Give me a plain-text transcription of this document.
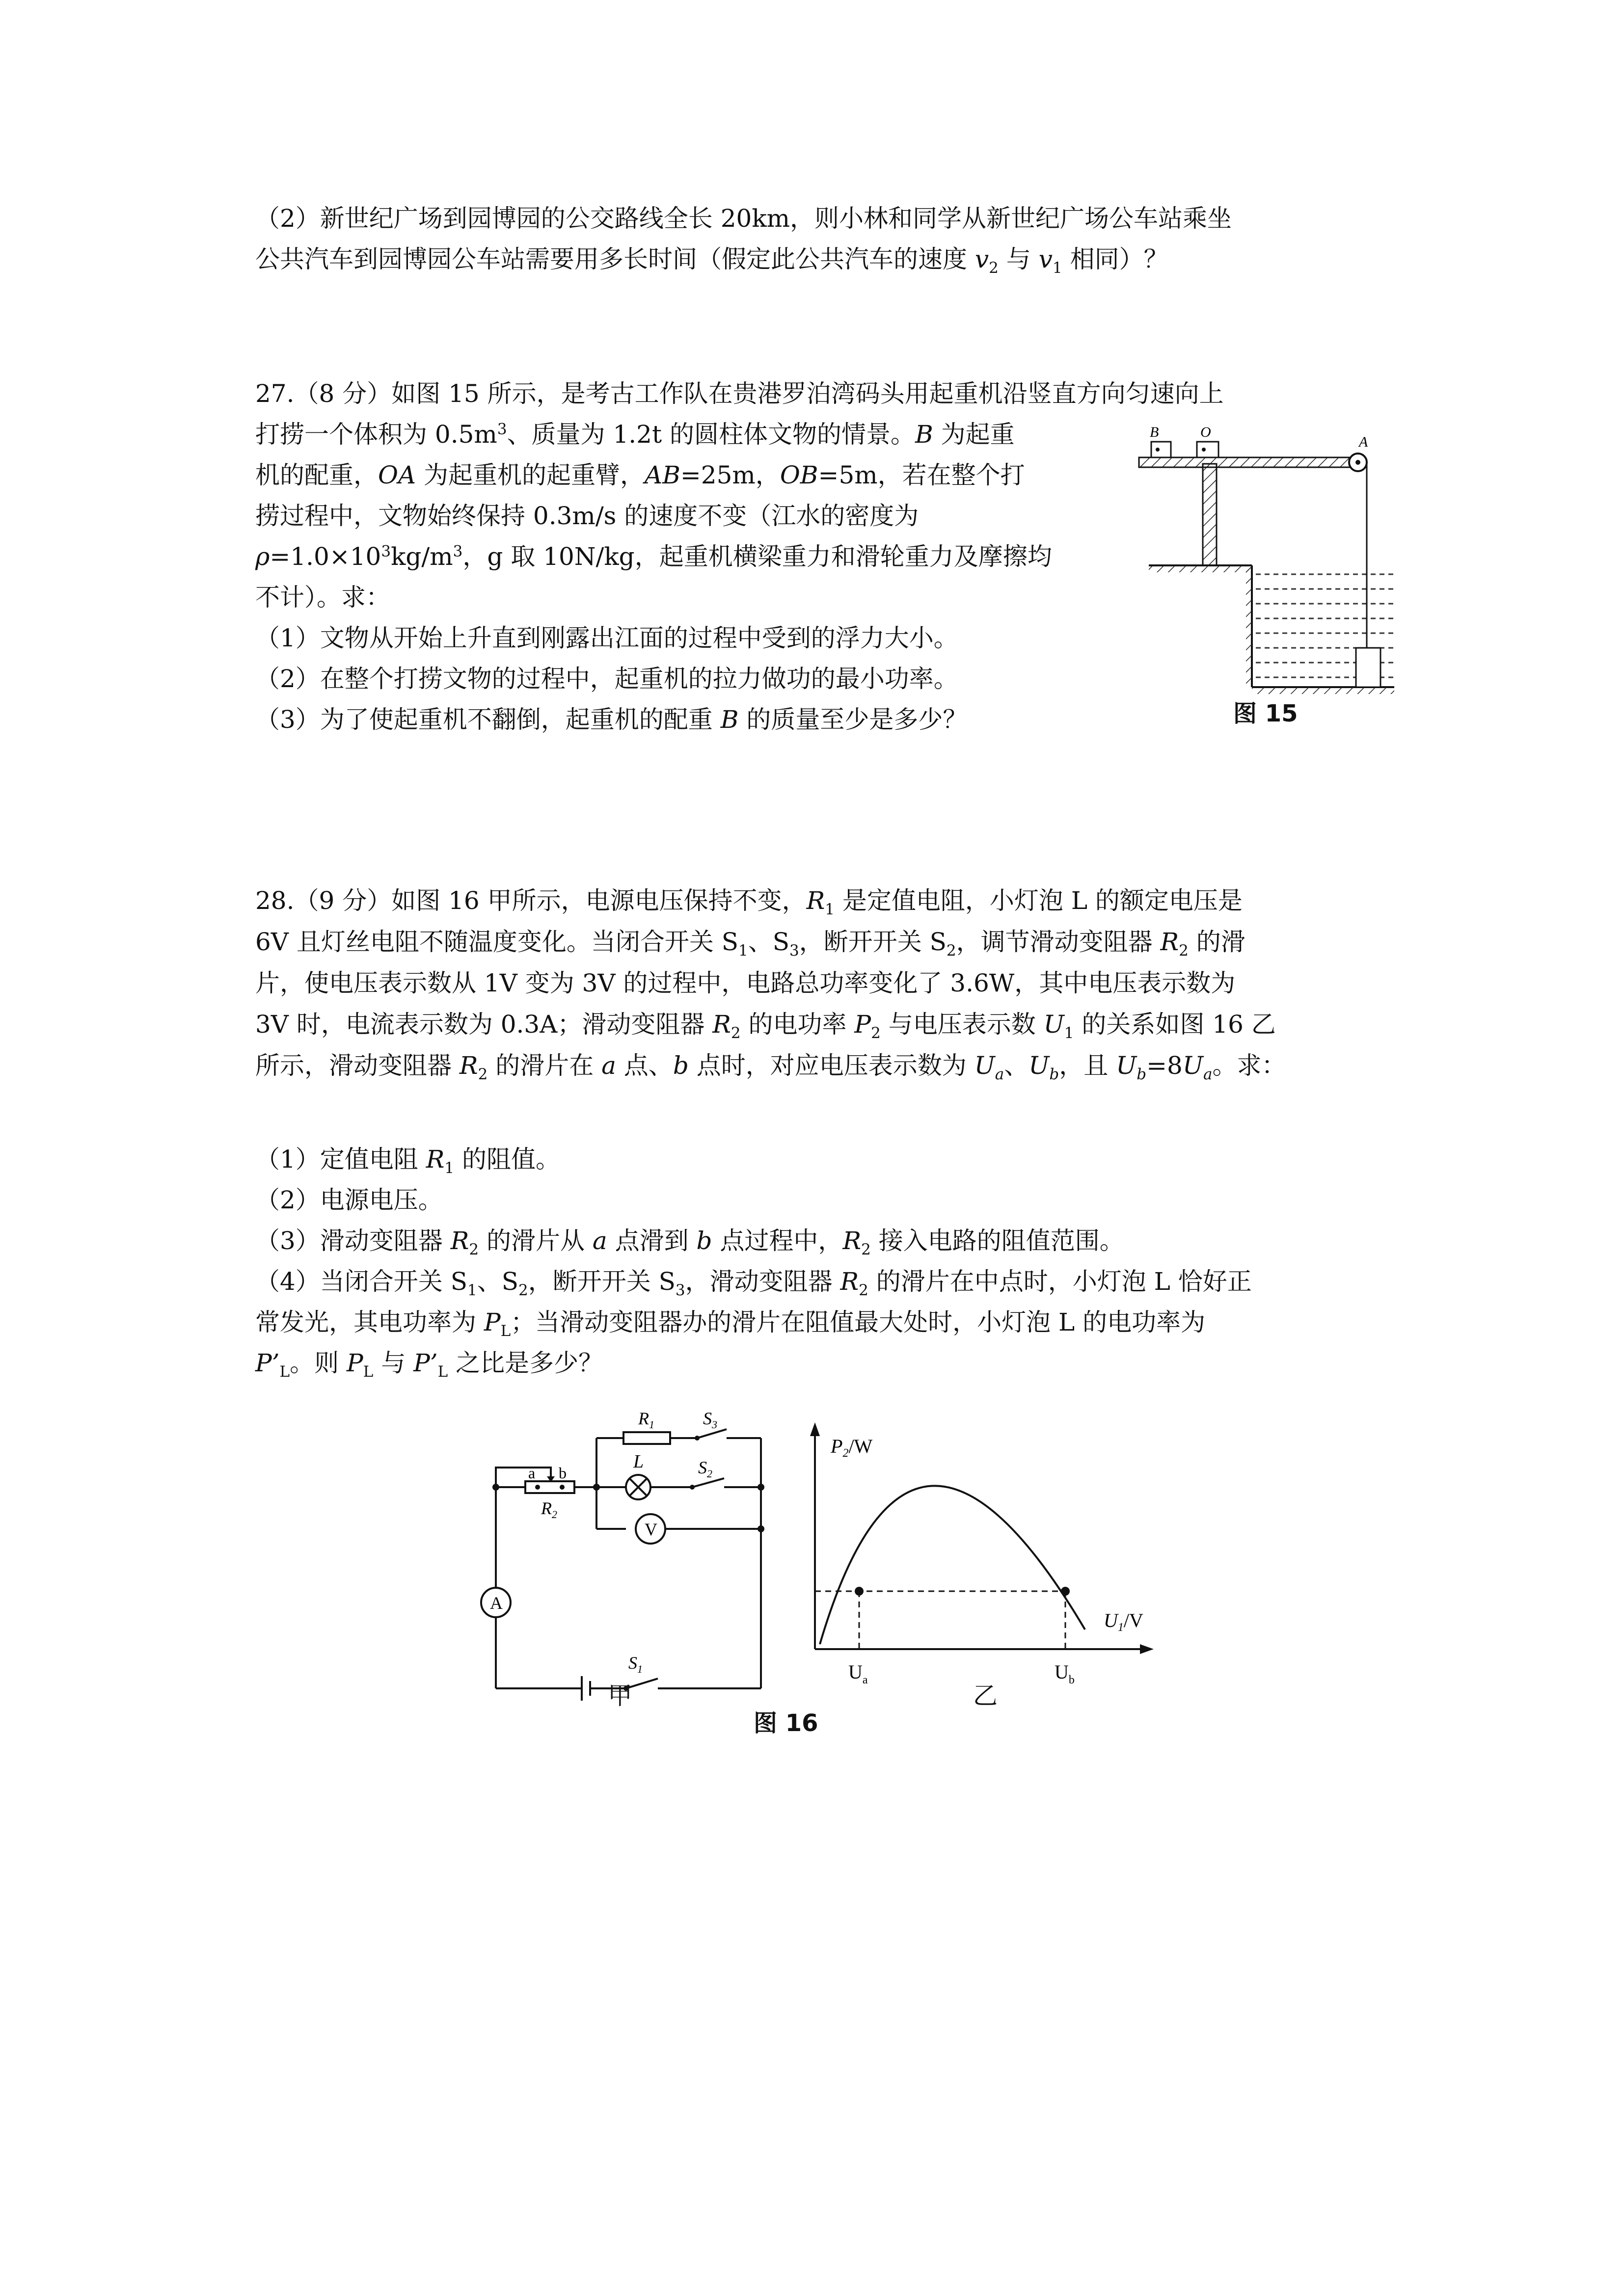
（2）新世纪广场到园博园的公交路线全长 20km，则小林和同学从新世纪广场公车站乘坐
公共汽车到园博园公车站需要用多长时间（假定此公共汽车的速度 $v_2$ 与 $v_1$ 相同）？
27.（8 分）如图 15 所示，是考古工作队在贵港罗泊湾码头用起重机沿竖直方向匀速向上
打捞一个体积为 $0.5m^3$、质量为 1.2t 的圆柱体文物的情景。B 为起重
机的配重，OA 为起重机的起重臂，AB=25m，OB=5m，若在整个打
捞过程中，文物始终保持 0.3m/s 的速度不变（江水的密度为
$\rho=1.0\times 10^3kg/m^3$，g 取 10N/kg，起重机横梁重力和滑轮重力及摩擦均
不计）。求：
（1）文物从开始上升直到刚露出江面的过程中受到的浮力大小。
（2）在整个打捞文物的过程中，起重机的拉力做功的最小功率。
（3）为了使起重机不翻倒，起重机的配重 B 的质量至少是多少？
B	O
A
图 15
28.（9 分）如图 16 甲所示，电源电压保持不变，$R_1$ 是定值电阻，小灯泡 L 的额定电压是
6V 且灯丝电阻不随温度变化。当闭合开关 $S_1$、$S_3$，断开开关 $S_2$，调节滑动变阻器 $R_2$ 的滑
片，使电压表示数从 1V 变为 3V 的过程中，电路总功率变化了 3.6W，其中电压表示数为
3V 时，电流表示数为 0.3A；滑动变阻器 $R_2$ 的电功率 $P_2$ 与电压表示数 $U_1$ 的关系如图 16 乙
所示，滑动变阻器 $R_2$ 的滑片在 a 点、b 点时，对应电压表示数为 $U_a$、$U_b$，且 $U_b=8U_a$。求：
（1）定值电阻 $R_1$ 的阻值。
（2）电源电压。
（3）滑动变阻器 $R_2$ 的滑片从 a 点滑到 b 点过程中，$R_2$ 接入电路的阻值范围。
（4）当闭合开关 $S_1$、$S_2$，断开开关 $S_3$，滑动变阻器 $R_2$ 的滑片在中点时，小灯泡 L 恰好正
常发光，其电功率为 $P_L$；当滑动变阻器办的滑片在阻值最大处时，小灯泡 L 的电功率为
$P’_L$。则 $P_L$ 与 $P’_L$ 之比是多少？
$R_1$	$S_3$
L	$S_2$
a b
$R_2$
A
V
$S_1$
甲
$P_2/W$
$U_1/V$
$U_a$	$U_b$
乙
图 16
